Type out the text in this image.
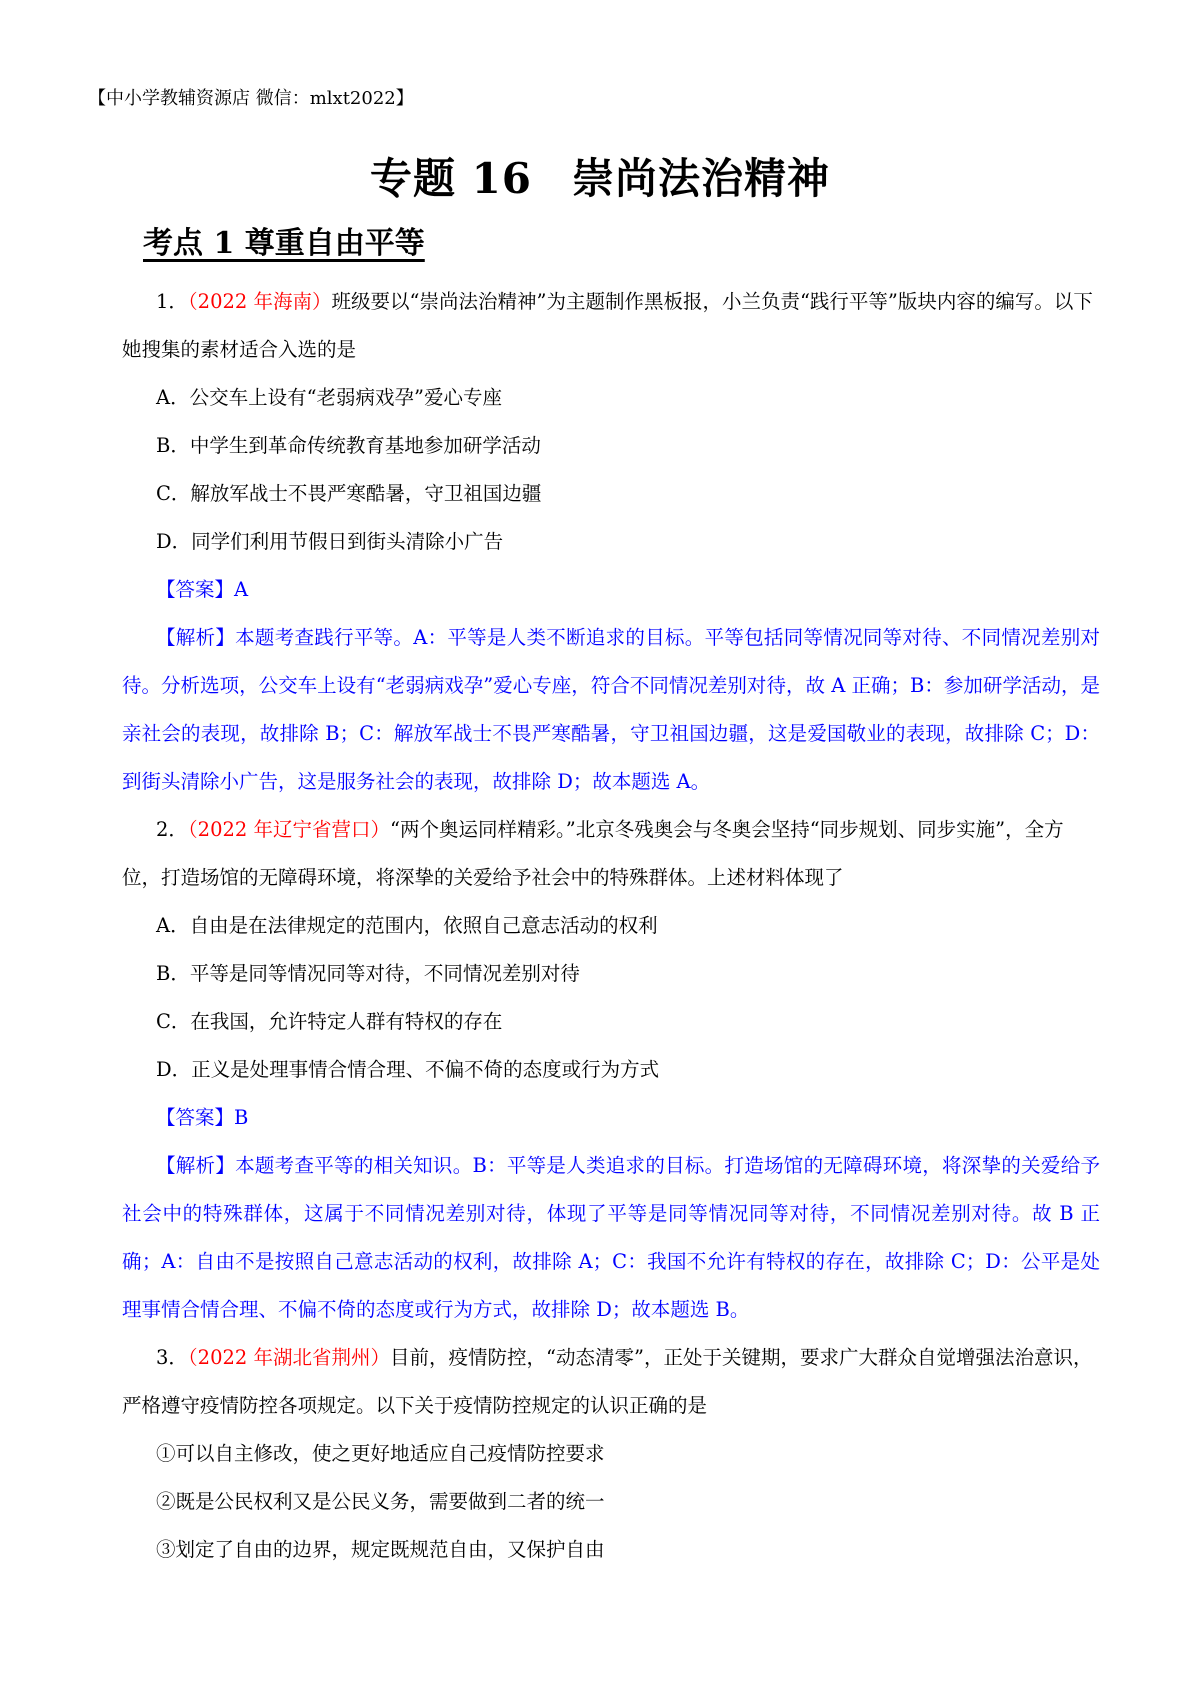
【中小学教辅资源店 微信：mlxt2022】
专题 16 崇尚法治精神
考点 1 尊重自由平等

1．（2022 年海南）班级要以“崇尚法治精神”为主题制作黑板报，小兰负责“践行平等”版块内容的编写。以下她搜集的素材适合入选的是

A．公交车上设有“老弱病戏孕”爱心专座

B．中学生到革命传统教育基地参加研学活动

C．解放军战士不畏严寒酷暑，守卫祖国边疆

D．同学们利用节假日到街头清除小广告

【答案】A

【解析】本题考查践行平等。A：平等是人类不断追求的目标。平等包括同等情况同等对待、不同情况差别对待。分析选项，公交车上设有“老弱病戏孕”爱心专座，符合不同情况差别对待，故 A 正确；B：参加研学活动，是亲社会的表现，故排除 B；C：解放军战士不畏严寒酷暑，守卫祖国边疆，这是爱国敬业的表现，故排除 C；D：到街头清除小广告，这是服务社会的表现，故排除 D；故本题选 A。

2．（2022 年辽宁省营口）“两个奥运同样精彩。”北京冬残奥会与冬奥会坚持“同步规划、同步实施”，全方位，打造场馆的无障碍环境，将深挚的关爱给予社会中的特殊群体。上述材料体现了

A．自由是在法律规定的范围内，依照自己意志活动的权利

B．平等是同等情况同等对待，不同情况差别对待

C．在我国，允许特定人群有特权的存在

D．正义是处理事情合情合理、不偏不倚的态度或行为方式

【答案】B

【解析】本题考查平等的相关知识。B：平等是人类追求的目标。打造场馆的无障碍环境，将深挚的关爱给予社会中的特殊群体，这属于不同情况差别对待，体现了平等是同等情况同等对待，不同情况差别对待。故 B 正确；A：自由不是按照自己意志活动的权利，故排除 A；C：我国不允许有特权的存在，故排除 C；D：公平是处理事情合情合理、不偏不倚的态度或行为方式，故排除 D；故本题选 B。

3．（2022 年湖北省荆州）目前，疫情防控，“动态清零”，正处于关键期，要求广大群众自觉增强法治意识，严格遵守疫情防控各项规定。以下关于疫情防控规定的认识正确的是

①可以自主修改，使之更好地适应自己疫情防控要求

②既是公民权利又是公民义务，需要做到二者的统一

③划定了自由的边界，规定既规范自由，又保护自由
